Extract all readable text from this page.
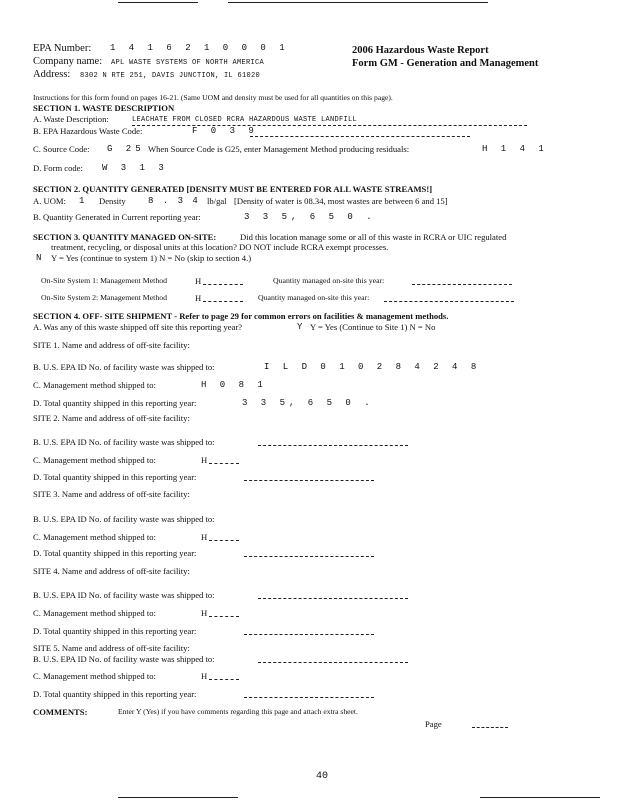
EPA Number: 1 4 1 6 2 1 0 0 0 1
Company name: APL WASTE SYSTEMS OF NORTH AMERICA
Address: 8302 N RTE 251, DAVIS JUNCTION, IL 61020
2006 Hazardous Waste Report
Form GM - Generation and Management
Instructions for this form found on pages 16-21. (Same UOM and density must be used for all quantities on this page).
SECTION 1. WASTE DESCRIPTION
A. Waste Description:	LEACHATE FROM CLOSED RCRA HAZARDOUS WASTE LANDFILL
B. EPA Hazardous Waste Code:	F 0 3 9
C. Source Code: G 25 When Source Code is G25, enter Management Method producing residuals:	H 1 4 1
D. Form code: W 3 1 3
SECTION 2. QUANTITY GENERATED [DENSITY MUST BE ENTERED FOR ALL WASTE STREAMS!]
A. UOM: 1 Density 8 . 3 4 lb/gal [Density of water is 08.34, most wastes are between 6 and 15]
B. Quantity Generated in Current reporting year:	3 3 5, 6 5 0 .
SECTION 3. QUANTITY MANAGED ON-SITE:	Did this location manage some or all of this waste in RCRA or UIC regulated
treatment, recycling, or disposal units at this location? DO NOT include RCRA exempt processes.
N Y = Yes (continue to system 1) N = No (skip to section 4.)
On-Site System 1: Management Method	H	Quantity managed on-site this year:
On-Site System 2: Management Method	H	Quantity managed on-site this year:
SECTION 4. OFF- SITE SHIPMENT - Refer to page 29 for common errors on facilities & management methods.
A. Was any of this waste shipped off site this reporting year?	Y Y = Yes (Continue to Site 1) N = No
SITE 1. Name and address of off-site facility:
B. U.S. EPA ID No. of facility waste was shipped to:	I L D 0 1 0 2 8 4 2 4 8
C. Management method shipped to:	H 0 8 1
D. Total quantity shipped in this reporting year:	3 3 5, 6 5 0 .
SITE 2. Name and address of off-site facility:
B. U.S. EPA ID No. of facility waste was shipped to:
C. Management method shipped to:	H
D. Total quantity shipped in this reporting year:
SITE 3. Name and address of off-site facility:
B. U.S. EPA ID No. of facility waste was shipped to:
C. Management method shipped to:	H
D. Total quantity shipped in this reporting year:
SITE 4. Name and address of off-site facility:
B. U.S. EPA ID No. of facility waste was shipped to:
C. Management method shipped to:	H
D. Total quantity shipped in this reporting year:
SITE 5. Name and address of off-site facility:
B. U.S. EPA ID No. of facility waste was shipped to:
C. Management method shipped to:	H
D. Total quantity shipped in this reporting year:
COMMENTS:	Enter Y (Yes) if you have comments regarding this page and attach extra sheet.
Page
40
